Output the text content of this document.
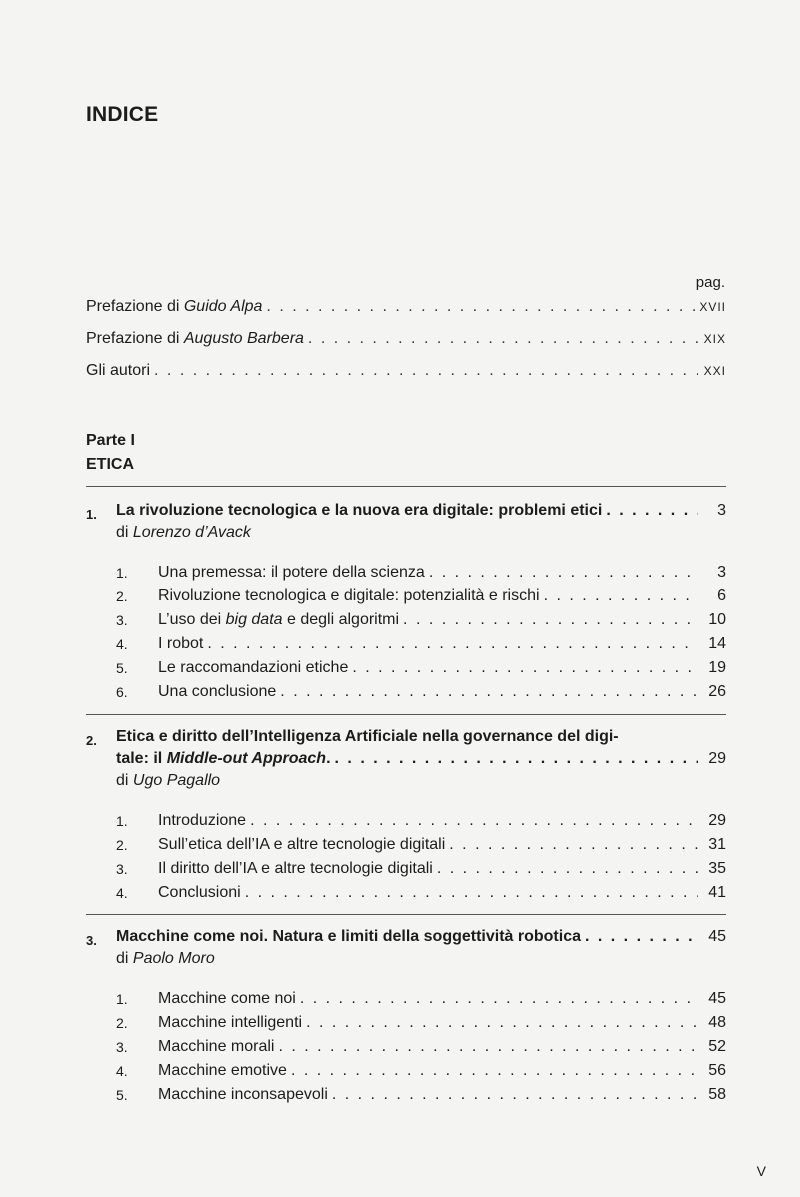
INDICE
pag.
Prefazione di Guido Alpa . . .	XVII
Prefazione di Augusto Barbera . . .	XIX
Gli autori . . .	XXI
Parte I
ETICA
1. La rivoluzione tecnologica e la nuova era digitale: problemi etici . . .	3
di Lorenzo d’Avack
1.	Una premessa: il potere della scienza . . .	3
2.	Rivoluzione tecnologica e digitale: potenzialità e rischi . . .	6
3.	L’uso dei big data e degli algoritmi . . .	10
4.	I robot . . .	14
5.	Le raccomandazioni etiche . . .	19
6.	Una conclusione . . .	26
2. Etica e diritto dell’Intelligenza Artificiale nella governance del digi-
tale: il Middle-out Approach. . . .	29
di Ugo Pagallo
1.	Introduzione . . .	29
2.	Sull’etica dell’IA e altre tecnologie digitali . . .	31
3.	Il diritto dell’IA e altre tecnologie digitali . . .	35
4.	Conclusioni . . .	41
3. Macchine come noi. Natura e limiti della soggettività robotica . . .	45
di Paolo Moro
1.	Macchine come noi . . .	45
2.	Macchine intelligenti . . .	48
3.	Macchine morali . . .	52
4.	Macchine emotive . . .	56
5.	Macchine inconsapevoli . . .	58
V
